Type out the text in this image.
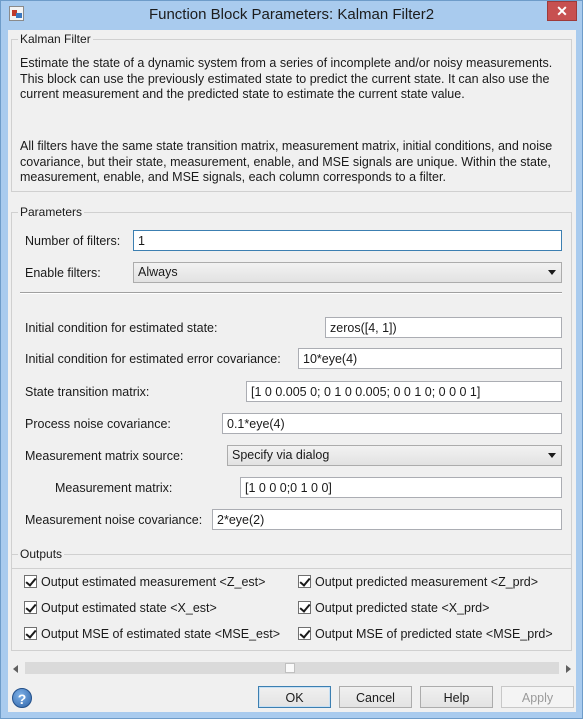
Function Block Parameters: Kalman Filter2	✕
Kalman Filter

Estimate the state of a dynamic system from a series of incomplete and/or noisy measurements. This block can use the previously estimated state to predict the current state. It can also use the current measurement and the predicted state to estimate the current state value.

All filters have the same state transition matrix, measurement matrix, initial conditions, and noise covariance, but their state, measurement, enable, and MSE signals are unique. Within the state, measurement, enable, and MSE signals, each column corresponds to a filter.

Parameters
Number of filters:
1
Enable filters:	Always
Initial condition for estimated state:
zeros([4, 1])
Initial condition for estimated error covariance:
10*eye(4)
State transition matrix:
[1 0 0.005 0; 0 1 0 0.005; 0 0 1 0; 0 0 0 1]
Process noise covariance:
0.1*eye(4)
Measurement matrix source:	Specify via dialog
Measurement matrix:
[1 0 0 0;0 1 0 0]
Measurement noise covariance:
2*eye(2)
Outputs
Output estimated measurement <Z_est>	Output predicted measurement <Z_prd>
Output estimated state <X_est>	Output predicted state <X_prd>
Output MSE of estimated state <MSE_est>	Output MSE of predicted state <MSE_prd>
?	OK	Cancel	Help	Apply
